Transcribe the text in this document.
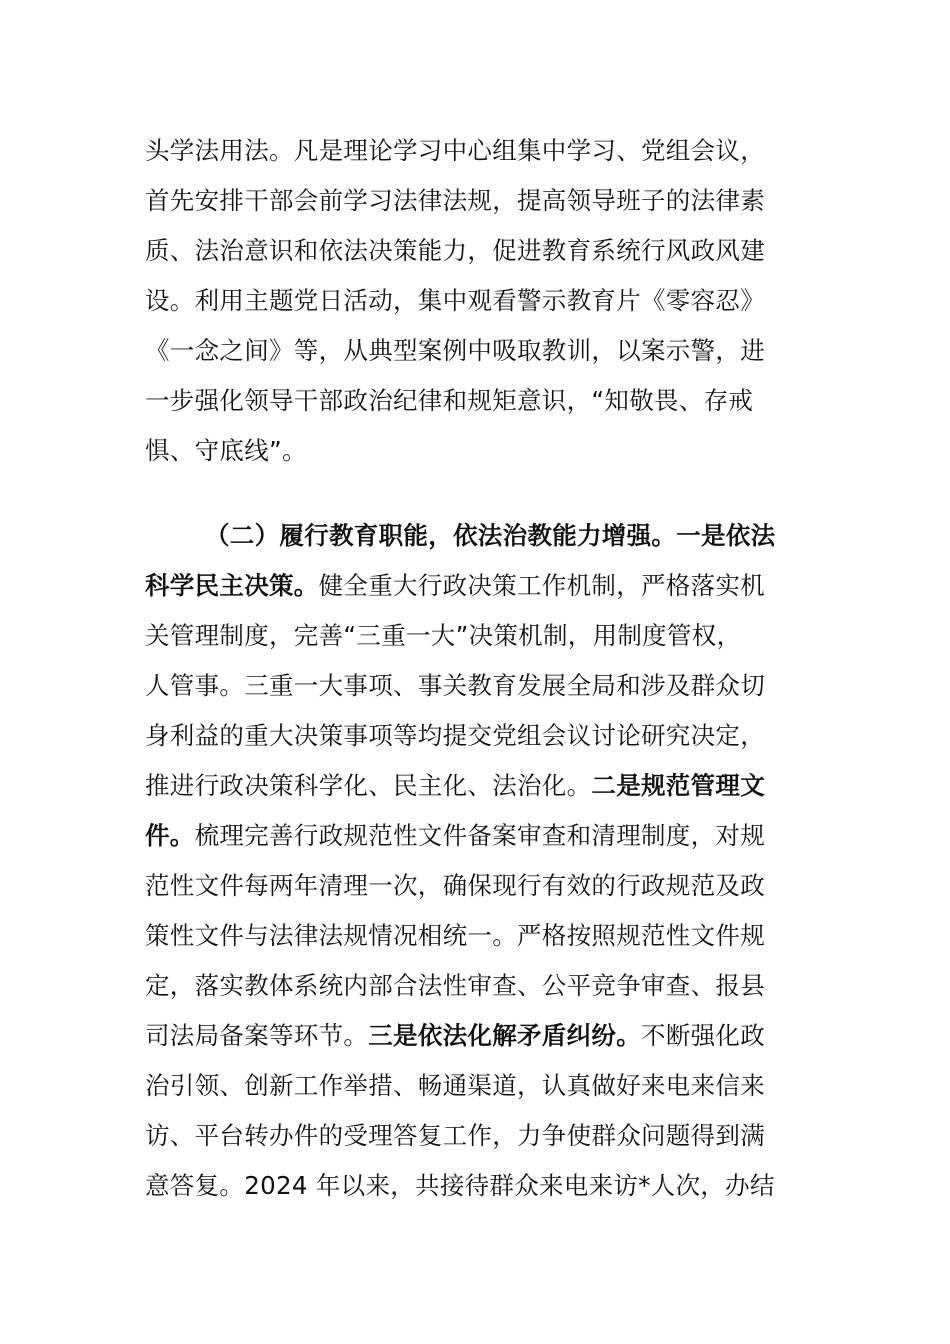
头学法用法。凡是理论学习中心组集中学习、党组会议，
首先安排干部会前学习法律法规，提高领导班子的法律素
质、法治意识和依法决策能力，促进教育系统行风政风建
设。利用主题党日活动，集中观看警示教育片《零容忍》
《一念之间》等，从典型案例中吸取教训，以案示警，进
一步强化领导干部政治纪律和规矩意识，“知敬畏、存戒
惧、守底线”。
（二）履行教育职能，依法治教能力增强。一是依法
科学民主决策。健全重大行政决策工作机制，严格落实机
关管理制度，完善“三重一大”决策机制，用制度管权，
人管事。三重一大事项、事关教育发展全局和涉及群众切
身利益的重大决策事项等均提交党组会议讨论研究决定，
推进行政决策科学化、民主化、法治化。二是规范管理文
件。梳理完善行政规范性文件备案审查和清理制度，对规
范性文件每两年清理一次，确保现行有效的行政规范及政
策性文件与法律法规情况相统一。严格按照规范性文件规
定，落实教体系统内部合法性审查、公平竞争审查、报县
司法局备案等环节。三是依法化解矛盾纠纷。不断强化政
治引领、创新工作举措、畅通渠道，认真做好来电来信来
访、平台转办件的受理答复工作，力争使群众问题得到满
意答复。2024 年以来，共接待群众来电来访*人次，办结
